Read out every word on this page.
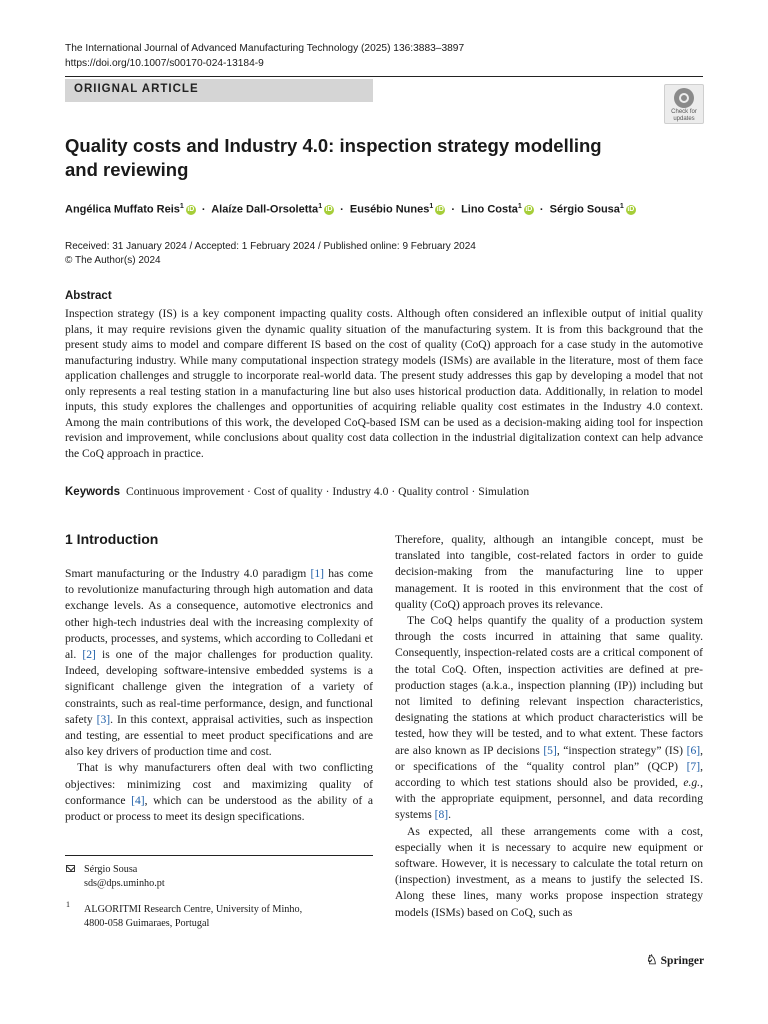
The International Journal of Advanced Manufacturing Technology (2025) 136:3883–3897
https://doi.org/10.1007/s00170-024-13184-9
ORIIGNAL ARTICLE
Check for
updates
Quality costs and Industry 4.0: inspection strategy modelling
and reviewing
Angélica Muffato Reis$^1$ iD · Alaíze Dall-Orsoletta$^1$ iD · Eusébio Nunes$^1$ iD · Lino Costa$^1$ iD · Sérgio Sousa$^1$ iD
Received: 31 January 2024 / Accepted: 1 February 2024 / Published online: 9 February 2024
© The Author(s) 2024
Abstract
Inspection strategy (IS) is a key component impacting quality costs. Although often considered an inflexible output of initial quality plans, it may require revisions given the dynamic quality situation of the manufacturing system. It is from this background that the present study aims to model and compare different IS based on the cost of quality (CoQ) approach for a case study in the automotive manufacturing industry. While many computational inspection strategy models (ISMs) are available in the literature, most of them face application challenges and struggle to incorporate real-world data. The present study addresses this gap by developing a model that not only represents a real testing station in a manufacturing line but also uses historical production data. Additionally, in relation to model inputs, this study explores the challenges and opportunities of acquiring reliable quality cost estimates in the Industry 4.0 context. Among the main contributions of this work, the developed CoQ-based ISM can be used as a decision-making aiding tool for inspection revision and improvement, while conclusions about quality cost data collection in the industrial digitalization context can help advance the CoQ approach in practice.
Keywords Continuous improvement · Cost of quality · Industry 4.0 · Quality control · Simulation
1 Introduction

Smart manufacturing or the Industry 4.0 paradigm [1] has come to revolutionize manufacturing through high automation and data exchange levels. As a consequence, automotive electronics and other high-tech industries deal with the increasing complexity of products, processes, and systems, which according to Colledani et al. [2] is one of the major challenges for production quality. Indeed, developing software-intensive embedded systems is a significant challenge given the integration of a variety of constraints, such as real-time performance, design, and functional safety [3]. In this context, appraisal activities, such as inspection and testing, are essential to meet product specifications and are also key drivers of production time and cost.

That is why manufacturers often deal with two conflicting objectives: minimizing cost and maximizing quality of conformance [4], which can be understood as the ability of a product or process to meet its design specifications.

Therefore, quality, although an intangible concept, must be translated into tangible, cost-related factors in order to guide decision-making from the manufacturing line to upper management. It is rooted in this environment that the cost of quality (CoQ) approach proves its relevance.

The CoQ helps quantify the quality of a production system through the costs incurred in attaining that same quality. Consequently, inspection-related costs are a critical component of the total CoQ. Often, inspection activities are defined at pre-production stages (a.k.a., inspection planning (IP)) including but not limited to defining relevant inspection characteristics, designating the stations at which product characteristics will be tested, how they will be tested, and to what extent. These factors are also known as IP decisions [5], “inspection strategy” (IS) [6], or specifications of the “quality control plan” (QCP) [7], according to which test stations should also be provided, e.g., with the appropriate equipment, personnel, and data recording systems [8].

As expected, all these arrangements come with a cost, especially when it is necessary to acquire new equipment or software. However, it is necessary to calculate the total return on (inspection) investment, as a means to justify the selected IS. Along these lines, many works propose inspection strategy models (ISMs) based on CoQ, such as

Sérgio Sousa
sds@dps.uminho.pt
1 ALGORITMI Research Centre, University of Minho,
4800-058 Guimaraes, Portugal
♘ Springer
